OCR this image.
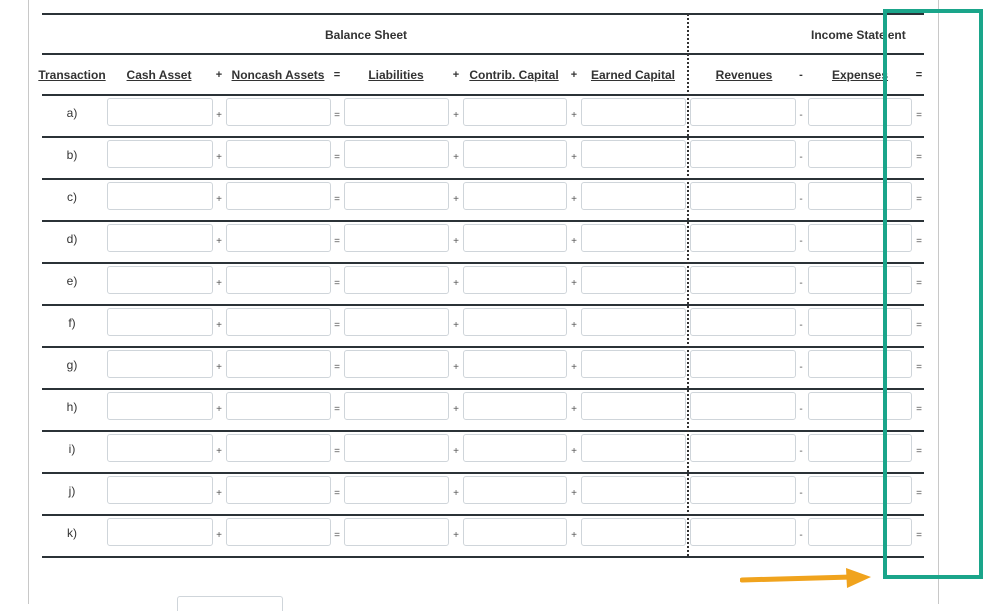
Balance Sheet	Income State   ent
Transaction Cash Asset + Noncash Assets = Liabilities	+ Contrib. Capital + Earned Capital	Revenues - Expenses	=
a)	+	=	+	+	-	=
b)	+	=	+	+	-	=
c)	+	=	+	+	-	=
d)	+	=	+	+	-	=
e)	+	=	+	+	-	=
f)	+	=	+	+	-	=
g)	+	=	+	+	-	=
h)	+	=	+	+	-	=
i)	+	=	+	+	-	=
j)	+	=	+	+	-	=
k)	+	=	+	+	-	=
